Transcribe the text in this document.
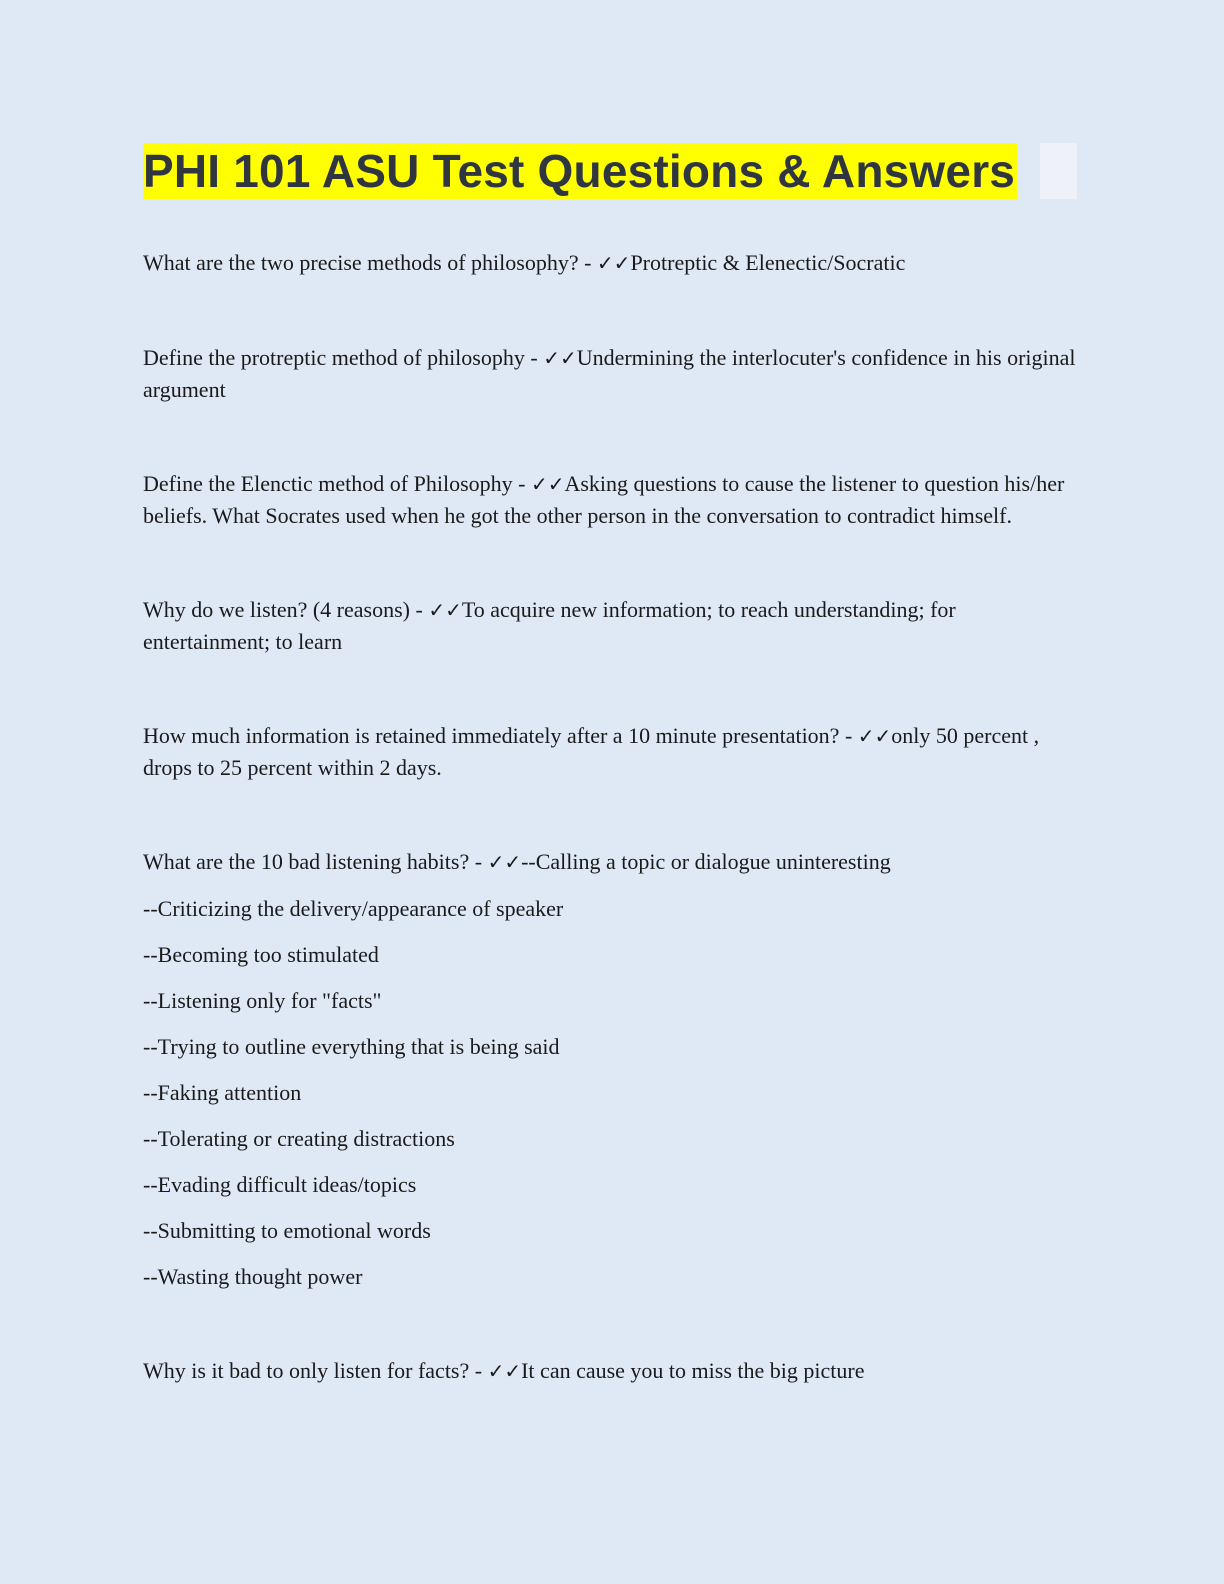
PHI 101 ASU Test Questions & Answers

What are the two precise methods of philosophy? - ✓✓Protreptic & Elenectic/Socratic

Define the protreptic method of philosophy - ✓✓Undermining the interlocuter's confidence in his original argument

Define the Elenctic method of Philosophy - ✓✓Asking questions to cause the listener to question his/her beliefs. What Socrates used when he got the other person in the conversation to contradict himself.

Why do we listen? (4 reasons) - ✓✓To acquire new information; to reach understanding; for entertainment; to learn

How much information is retained immediately after a 10 minute presentation? - ✓✓only 50 percent , drops to 25 percent within 2 days.

What are the 10 bad listening habits? - ✓✓--Calling a topic or dialogue uninteresting

--Criticizing the delivery/appearance of speaker

--Becoming too stimulated

--Listening only for "facts"

--Trying to outline everything that is being said

--Faking attention

--Tolerating or creating distractions

--Evading difficult ideas/topics

--Submitting to emotional words

--Wasting thought power

Why is it bad to only listen for facts? - ✓✓It can cause you to miss the big picture
